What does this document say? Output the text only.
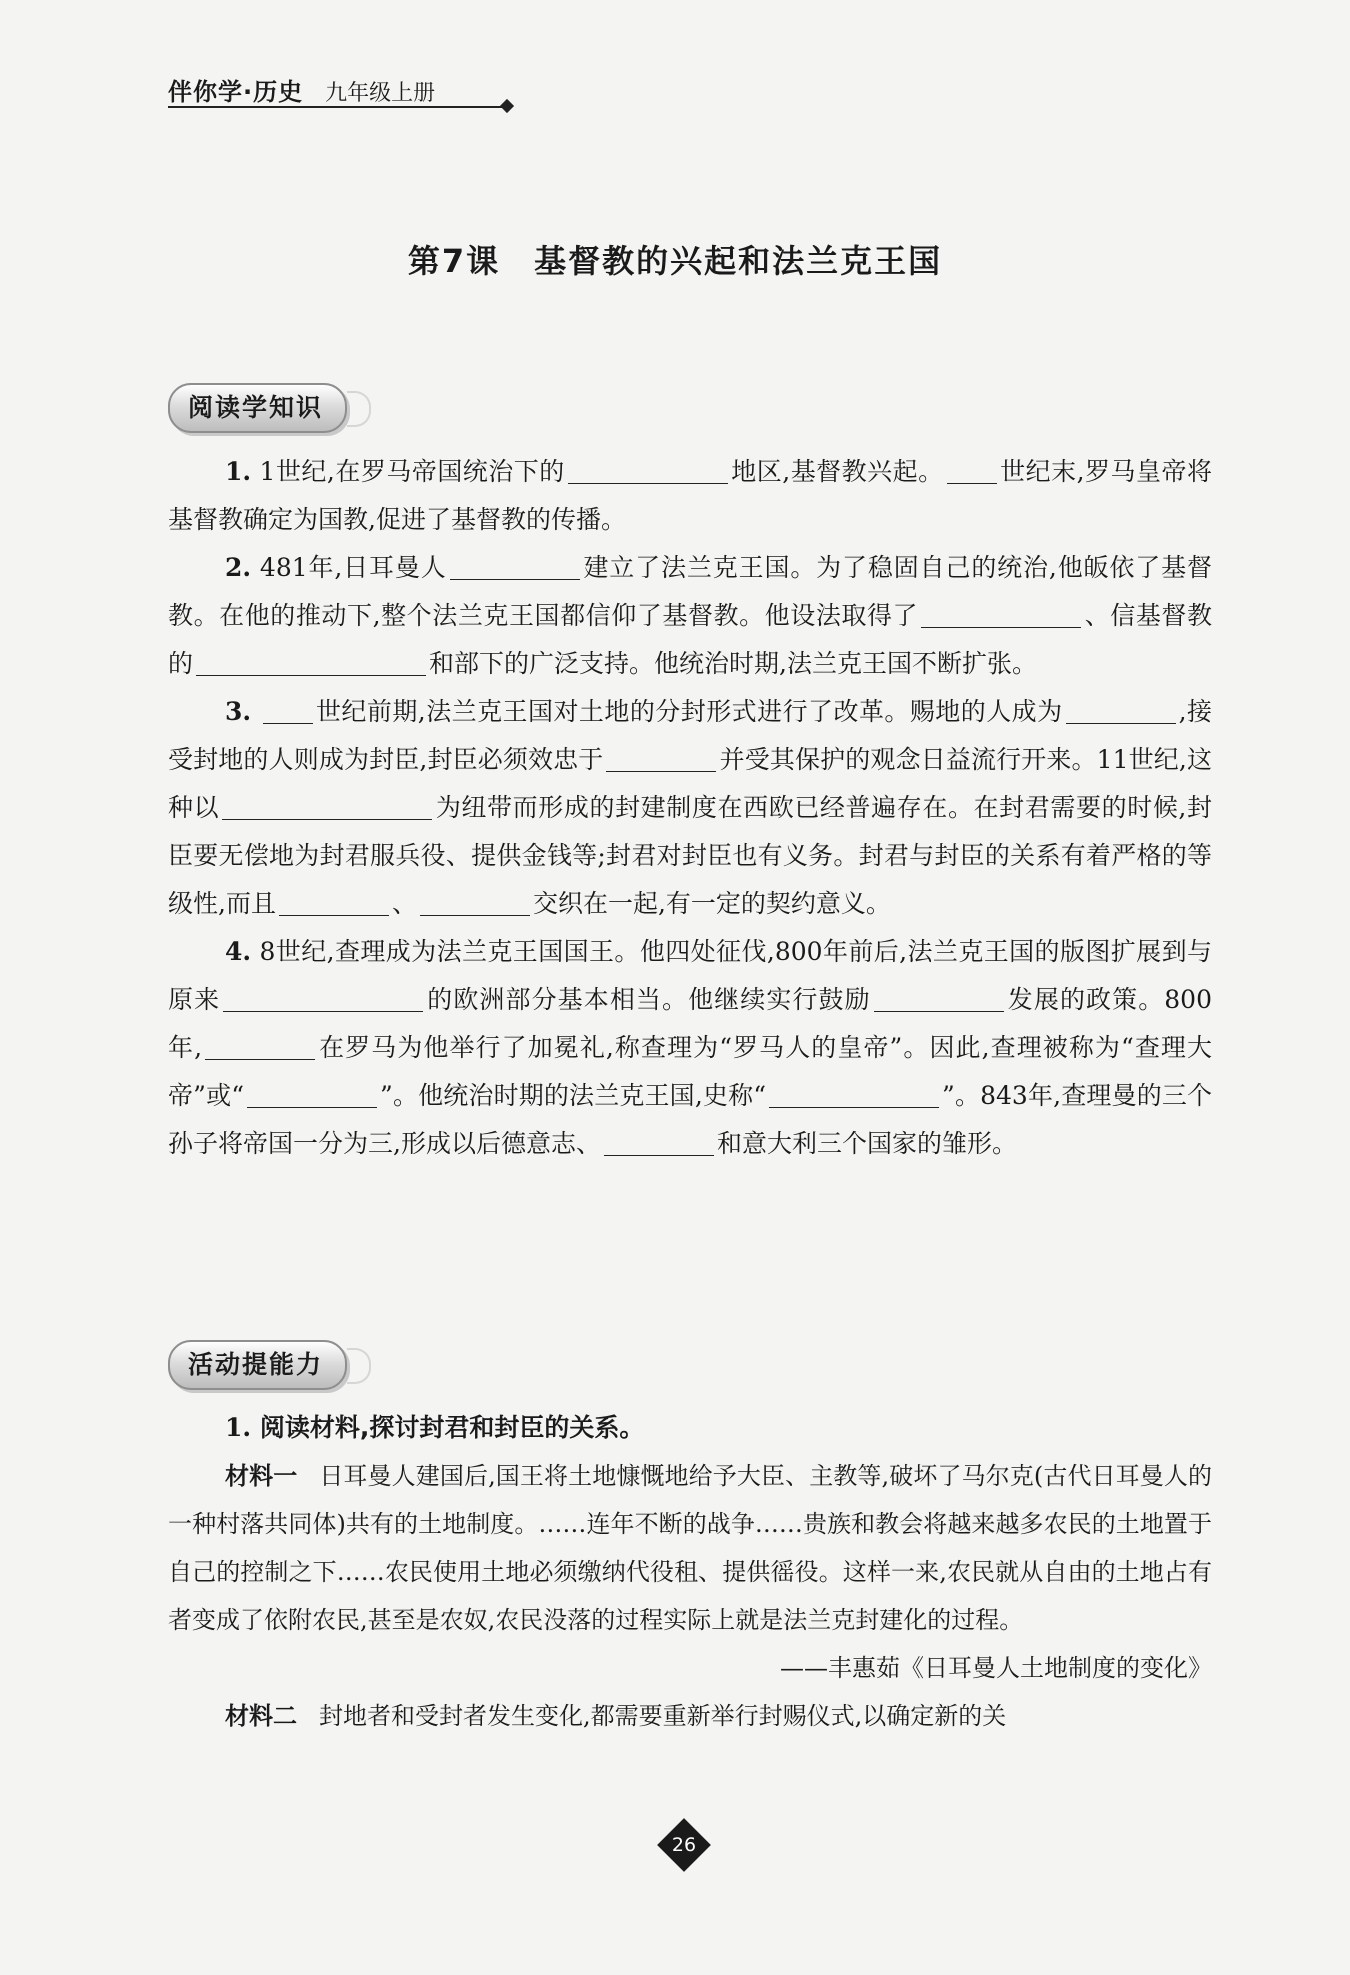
伴你学·历史 九年级上册
第7课 基督教的兴起和法兰克王国
阅读学知识

1. 1世纪,在罗马帝国统治下的	地区,基督教兴起。 世纪末,罗马皇帝将基督教确定为国教,促进了基督教的传播。

2. 481年,日耳曼人	建立了法兰克王国。为了稳固自己的统治,他皈依了基督教。在他的推动下,整个法兰克王国都信仰了基督教。他设法取得了	、信基督教的	和部下的广泛支持。他统治时期,法兰克王国不断扩张。

3.	世纪前期,法兰克王国对土地的分封形式进行了改革。赐地的人成为	,接受封地的人则成为封臣,封臣必须效忠于	并受其保护的观念日益流行开来。11世纪,这种以	为纽带而形成的封建制度在西欧已经普遍存在。在封君需要的时候,封臣要无偿地为封君服兵役、提供金钱等;封君对封臣也有义务。封君与封臣的关系有着严格的等级性,而且	、	交织在一起,有一定的契约意义。

4. 8世纪,查理成为法兰克王国国王。他四处征伐,800年前后,法兰克王国的版图扩展到与原来	的欧洲部分基本相当。他继续实行鼓励	发展的政策。800年,	在罗马为他举行了加冕礼,称查理为“罗马人的皇帝”。因此,查理被称为“查理大帝”或“	”。他统治时期的法兰克王国,史称“	”。843年,查理曼的三个孙子将帝国一分为三,形成以后德意志、	和意大利三个国家的雏形。

活动提能力

1. 阅读材料,探讨封君和封臣的关系。

材料一 日耳曼人建国后,国王将土地慷慨地给予大臣、主教等,破坏了马尔克(古代日耳曼人的一种村落共同体)共有的土地制度。……连年不断的战争……贵族和教会将越来越多农民的土地置于自己的控制之下……农民使用土地必须缴纳代役租、提供徭役。这样一来,农民就从自由的土地占有者变成了依附农民,甚至是农奴,农民没落的过程实际上就是法兰克封建化的过程。

——丰惠茹《日耳曼人土地制度的变化》

材料二 封地者和受封者发生变化,都需要重新举行封赐仪式,以确定新的关

26
